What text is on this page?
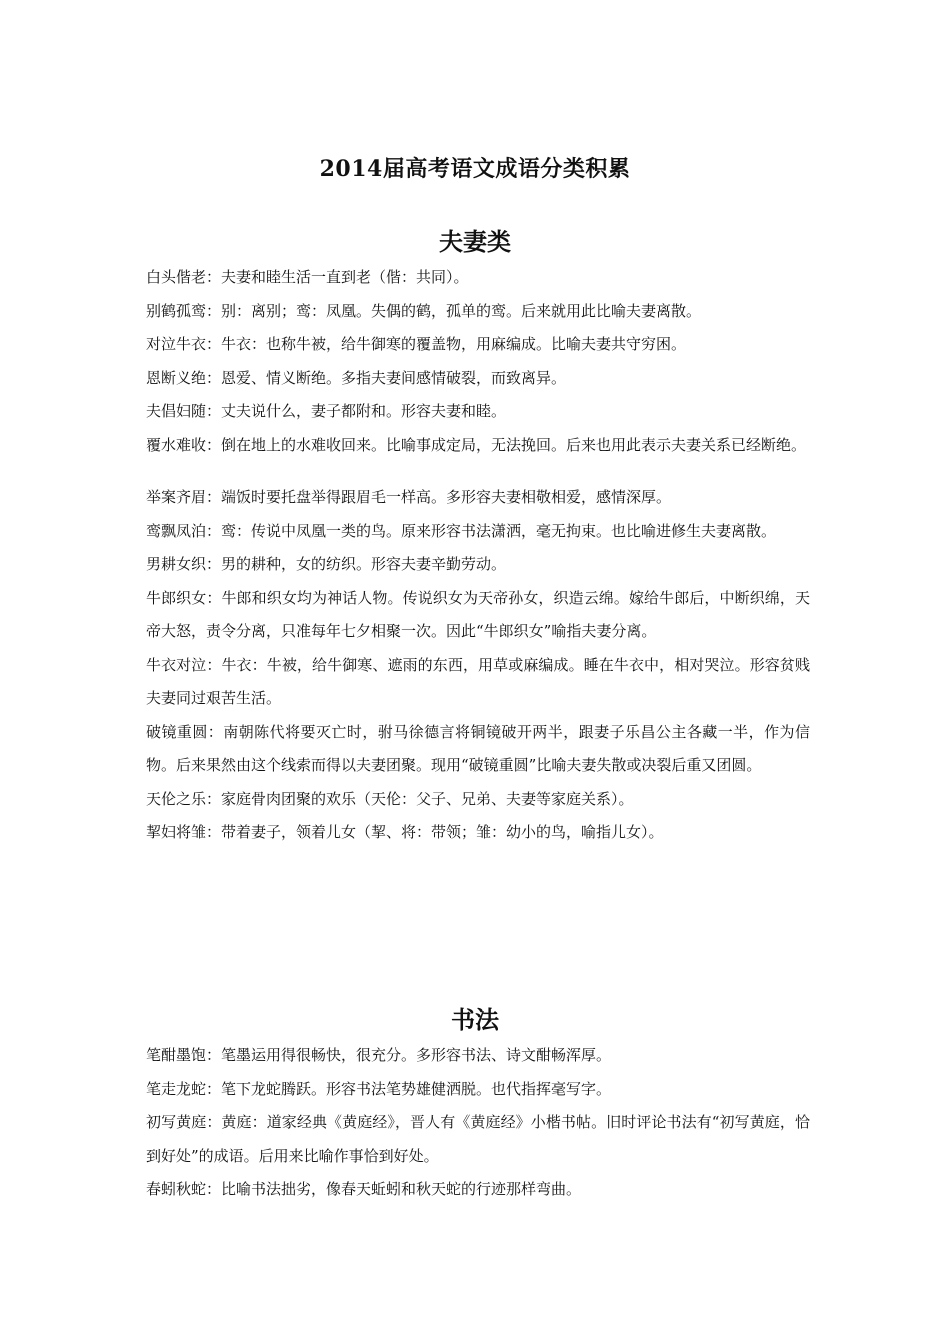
2014届高考语文成语分类积累
夫妻类
白头偕老：夫妻和睦生活一直到老（偕：共同）。
别鹤孤鸾：别：离别；鸾：凤凰。失偶的鹤，孤单的鸾。后来就用此比喻夫妻离散。
对泣牛衣：牛衣：也称牛被，给牛御寒的覆盖物，用麻编成。比喻夫妻共守穷困。
恩断义绝：恩爱、情义断绝。多指夫妻间感情破裂，而致离异。
夫倡妇随：丈夫说什么，妻子都附和。形容夫妻和睦。
覆水难收：倒在地上的水难收回来。比喻事成定局，无法挽回。后来也用此表示夫妻关系已经断绝。
举案齐眉：端饭时要托盘举得跟眉毛一样高。多形容夫妻相敬相爱，感情深厚。
鸾飘凤泊：鸾：传说中凤凰一类的鸟。原来形容书法潇洒，毫无拘束。也比喻进修生夫妻离散。
男耕女织：男的耕种，女的纺织。形容夫妻辛勤劳动。
牛郎织女：牛郎和织女均为神话人物。传说织女为天帝孙女，织造云绵。嫁给牛郎后，中断织绵，天帝大怒，责令分离，只准每年七夕相聚一次。因此“牛郎织女”喻指夫妻分离。
牛衣对泣：牛衣：牛被，给牛御寒、遮雨的东西，用草或麻编成。睡在牛衣中，相对哭泣。形容贫贱夫妻同过艰苦生活。
破镜重圆：南朝陈代将要灭亡时，驸马徐德言将铜镜破开两半，跟妻子乐昌公主各藏一半，作为信物。后来果然由这个线索而得以夫妻团聚。现用“破镜重圆”比喻夫妻失散或决裂后重又团圆。
天伦之乐：家庭骨肉团聚的欢乐（天伦：父子、兄弟、夫妻等家庭关系）。
挈妇将雏：带着妻子，领着儿女（挈、将：带领；雏：幼小的鸟，喻指儿女）。
书法
笔酣墨饱：笔墨运用得很畅快，很充分。多形容书法、诗文酣畅浑厚。
笔走龙蛇：笔下龙蛇腾跃。形容书法笔势雄健洒脱。也代指挥毫写字。
初写黄庭：黄庭：道家经典《黄庭经》，晋人有《黄庭经》小楷书帖。旧时评论书法有“初写黄庭，恰到好处”的成语。后用来比喻作事恰到好处。
春蚓秋蛇：比喻书法拙劣，像春天蚯蚓和秋天蛇的行迹那样弯曲。
